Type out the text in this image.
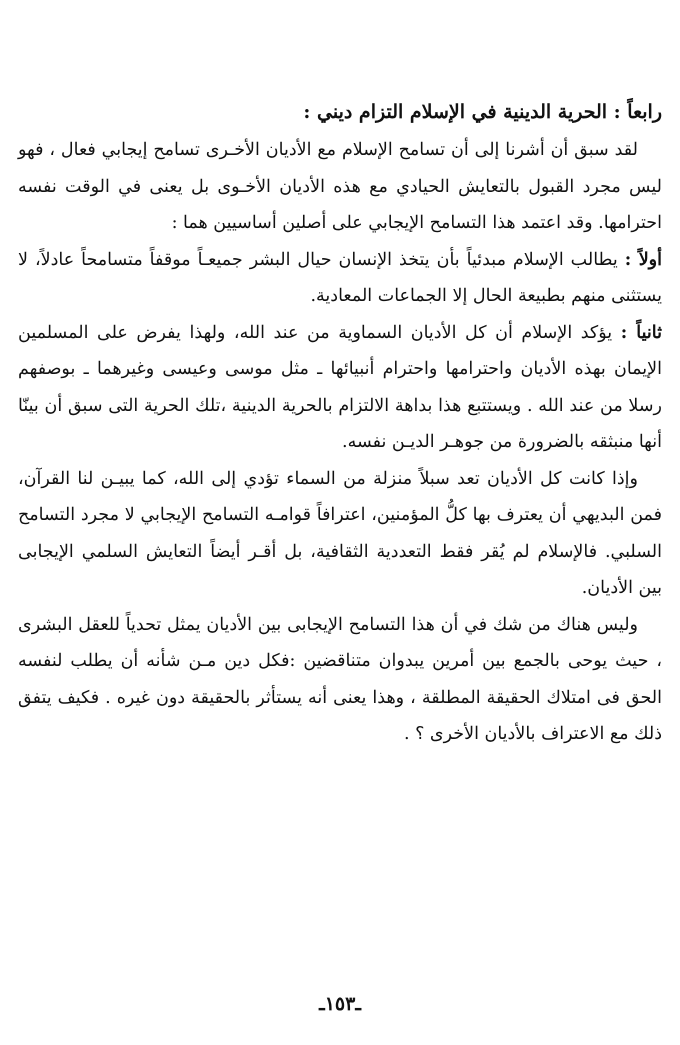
رابعاً : الحرية الدينية في الإسلام التزام ديني :

لقد سبق أن أشرنا إلى أن تسامح الإسلام مع الأديان الأخـرى تسامح إيجابي فعال ، فهو ليس مجرد القبول بالتعايش الحيادي مع هذه الأديان الأخـوى بل يعنى في الوقت نفسه احترامها. وقد اعتمد هذا التسامح الإيجابي على أصلين أساسيين هما :

أولاً : يطالب الإسلام مبدئياً بأن يتخذ الإنسان حيال البشر جميعـاً موقفاً متسامحاً عادلاً، لا يستثنى منهم بطبيعة الحال إلا الجماعات المعادية.

ثانياً : يؤكد الإسلام أن كل الأديان السماوية من عند الله، ولهذا يفرض على المسلمين الإيمان بهذه الأديان واحترامها واحترام أنبيائها ـ مثل موسى وعيسى وغيرهما ـ بوصفهم رسلا من عند الله . ويستتبع هذا بداهة الالتزام بالحرية الدينية ،تلك الحرية التى سبق أن بينّا أنها منبثقه بالضرورة من جوهـر الديـن نفسه.

وإذا كانت كل الأديان تعد سبلاً منزلة من السماء تؤدي إلى الله، كما يبيـن لنا القرآن، فمن البديهي أن يعترف بها كلُّ المؤمنين، اعترافاً قوامـه التسامح الإيجابي لا مجرد التسامح السلبي. فالإسلام لم يُقر فقط التعددية الثقافية، بل أقـر أيضاً التعايش السلمي الإيجابى بين الأديان.

وليس هناك من شك في أن هذا التسامح الإيجابى بين الأديان يمثل تحدياً للعقل البشرى ، حيث يوحى بالجمع بين أمرين يبدوان متناقضين :فكل دين مـن شأنه أن يطلب لنفسه الحق فى امتلاك الحقيقة المطلقة ، وهذا يعنى أنه يستأثر بالحقيقة دون غيره . فكيف يتفق ذلك مع الاعتراف بالأديان الأخرى ؟ .

ـ١٥٣ـ
